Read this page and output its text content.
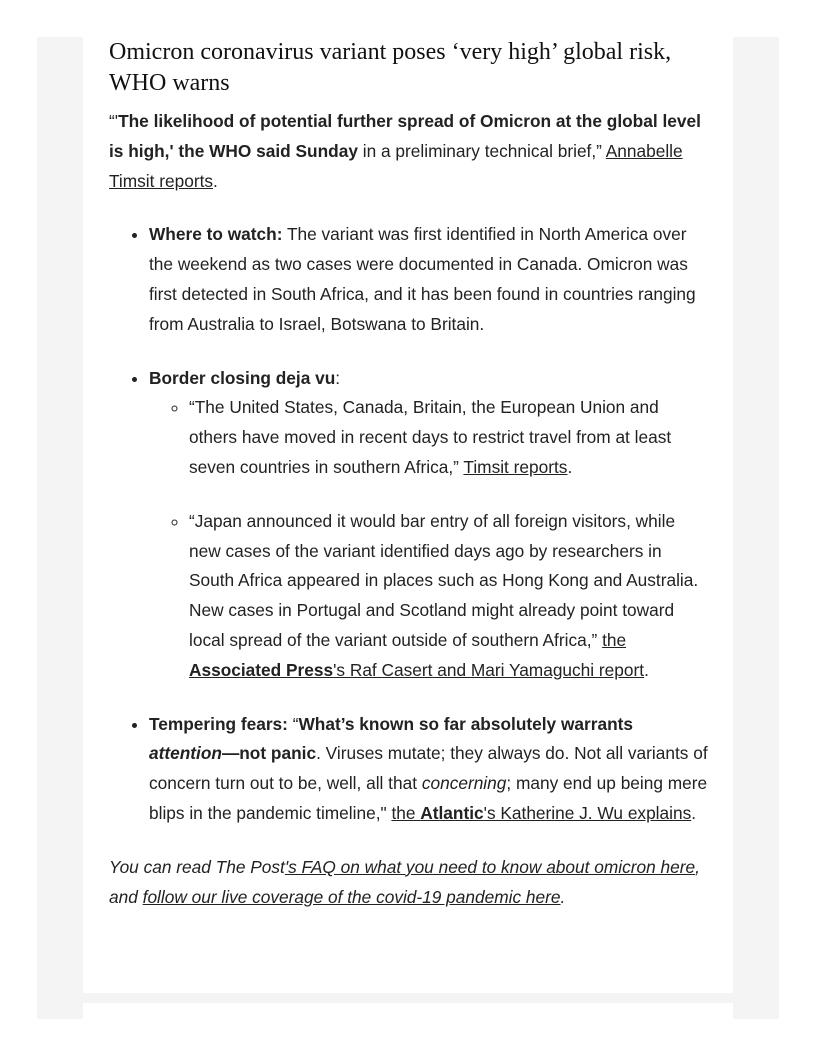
Omicron coronavirus variant poses ‘very high’ global risk, WHO warns

“'The likelihood of potential further spread of Omicron at the global level is high,' the WHO said Sunday in a preliminary technical brief,” Annabelle Timsit reports.

• Where to watch: The variant was first identified in North America over the weekend as two cases were documented in Canada. Omicron was first detected in South Africa, and it has been found in countries ranging from Australia to Israel, Botswana to Britain.
• Border closing deja vu:
◦ “The United States, Canada, Britain, the European Union and others have moved in recent days to restrict travel from at least seven countries in southern Africa,” Timsit reports.
◦ “Japan announced it would bar entry of all foreign visitors, while new cases of the variant identified days ago by researchers in South Africa appeared in places such as Hong Kong and Australia. New cases in Portugal and Scotland might already point toward local spread of the variant outside of southern Africa,” the Associated Press's Raf Casert and Mari Yamaguchi report.
• Tempering fears: “What’s known so far absolutely warrants attention—not panic. Viruses mutate; they always do. Not all variants of concern turn out to be, well, all that concerning; many end up being mere blips in the pandemic timeline," the Atlantic's Katherine J. Wu explains.

You can read The Post's FAQ on what you need to know about omicron here, and follow our live coverage of the covid-19 pandemic here.
